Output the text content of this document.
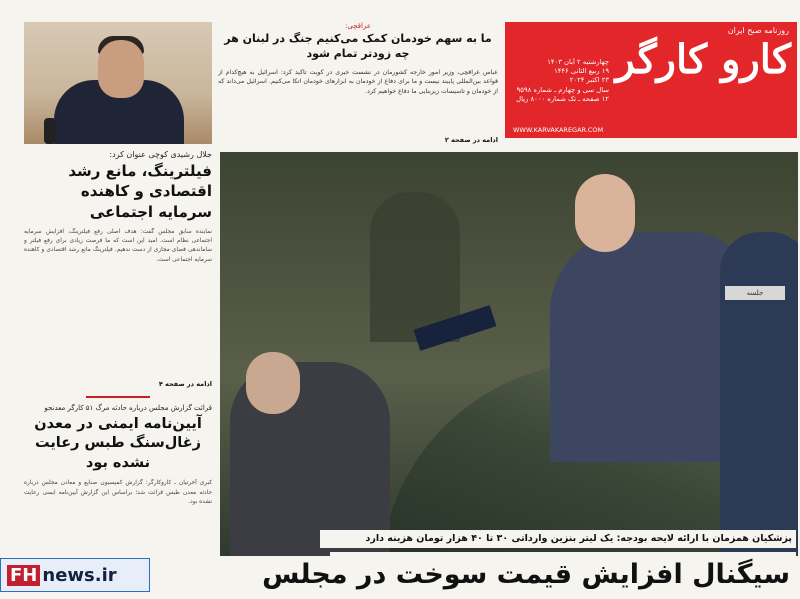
روزنامه صبح ایران
کارو کارگر
چهارشنبه ۲ آبان ۱۴۰۳
۱۹ ربیع الثانی ۱۴۴۶
۲۳ اکتبر ۲۰۲۴
سال سی و چهارم ـ شماره ۹۵۹۸
۱۲ صفحه ـ تک شماره ۸۰۰۰ ریال
WWW.KARVAKAREGAR.COM
عراقچی:
ما به سهم خودمان کمک می‌کنیم جنگ در لبنان هر چه زودتر تمام شود
عباس عراقچی، وزیر امور خارجه کشورمان در نشست خبری در کویت تاکید کرد: اسرائیل به هیچ‌کدام از قواعد بین‌المللی پایبند نیست و ما برای دفاع از خودمان به ابزارهای خودمان اتکا می‌کنیم. اسرائیل می‌داند که از خودمان و تاسیسات زیربنایی ما دفاع خواهیم کرد.
ادامه در صفحه ۲
جلال رشیدی کوچی عنوان کرد:
فیلترینگ، مانع رشد اقتصادی و کاهنده سرمایه اجتماعی
نماینده سابق مجلس گفت: هدف اصلی رفع فیلترینگ، افزایش سرمایه اجتماعی نظام است. امید این است که ما فرصت زیادی برای رفع فیلتر و ساماندهی فضای مجازی از دست ندهیم. فیلترینگ مانع رشد اقتصادی و کاهنده سرمایه اجتماعی است.
ادامه در صفحه ۴
قرائت گزارش مجلس درباره حادثه مرگ ۵۱ کارگر معدنجو
آیین‌نامه ایمنی در معدن زغال‌سنگ طبس رعایت نشده بود
کبری آخرتیان ـ کاروکارگر: گزارش کمیسیون صنایع و معادن مجلس درباره حادثه معدن طبس قرائت شد؛ براساس این گزارش آیین‌نامه ایمنی رعایت نشده بود.
جلسه
پزشکیان همزمان با ارائه لایحه بودجه: یک لیتر بنزین وارداتی ۳۰ تا ۴۰ هزار تومان هزینه دارد
سیگنال افزایش قیمت سوخت در مجلس
FH news.ir
